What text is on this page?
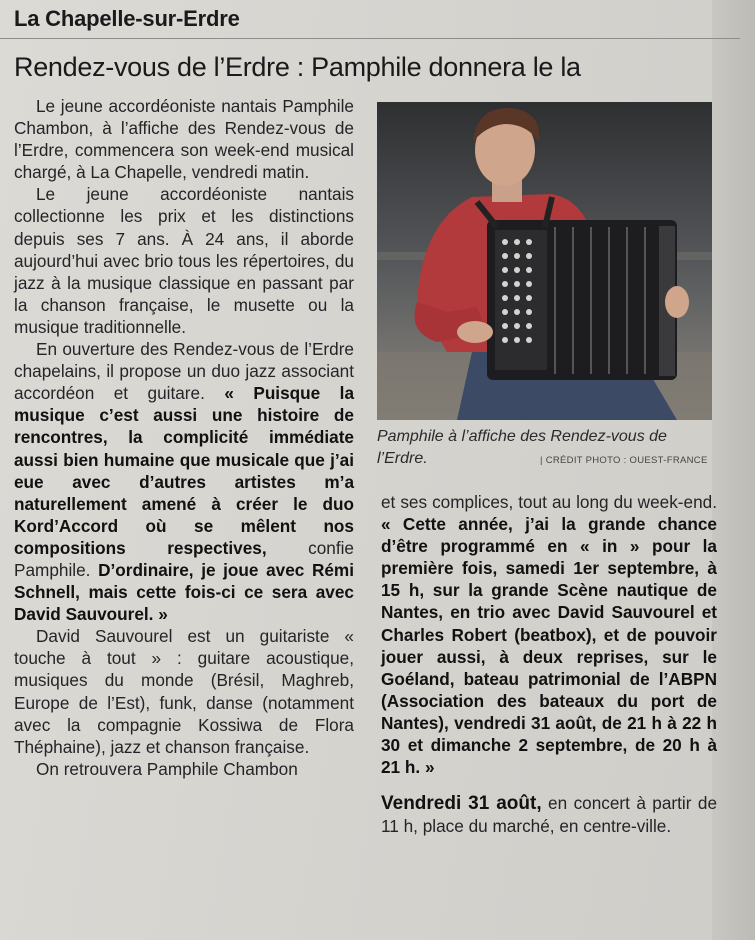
La Chapelle-sur-Erdre
Rendez-vous de l’Erdre : Pamphile donnera le la

Le jeune accordéoniste nantais Pamphile Chambon, à l’affiche des Rendez-vous de l’Erdre, commencera son week-end musical chargé, à La Chapelle, vendredi matin.

Le jeune accordéoniste nantais collectionne les prix et les distinctions depuis ses 7 ans. À 24 ans, il aborde aujourd’hui avec brio tous les répertoires, du jazz à la musique classique en passant par la chanson française, le musette ou la musique traditionnelle.

En ouverture des Rendez-vous de l’Erdre chapelains, il propose un duo jazz associant accordéon et guitare. « Puisque la musique c’est aussi une histoire de rencontres, la complicité immédiate aussi bien humaine que musicale que j’ai eue avec d’autres artistes m’a naturellement amené à créer le duo Kord’Accord où se mêlent nos compositions respectives, confie Pamphile. D’ordinaire, je joue avec Rémi Schnell, mais cette fois-ci ce sera avec David Sauvourel. »

David Sauvourel est un guitariste « touche à tout » : guitare acoustique, musiques du monde (Brésil, Maghreb, Europe de l’Est), funk, danse (notamment avec la compagnie Kossiwa de Flora Théphaine), jazz et chanson française.

On retrouvera Pamphile Chambon

Pamphile à l’affiche des Rendez-vous de l’Erdre.	| CRÉDIT PHOTO : OUEST-FRANCE

et ses complices, tout au long du week-end. « Cette année, j’ai la grande chance d’être programmé en « in » pour la première fois, samedi 1er septembre, à 15 h, sur la grande Scène nautique de Nantes, en trio avec David Sauvourel et Charles Robert (beatbox), et de pouvoir jouer aussi, à deux reprises, sur le Goéland, bateau patrimonial de l’ABPN (Association des bateaux du port de Nantes), vendredi 31 août, de 21 h à 22 h 30 et dimanche 2 septembre, de 20 h à 21 h. »

Vendredi 31 août, en concert à partir de 11 h, place du marché, en centre-ville.
